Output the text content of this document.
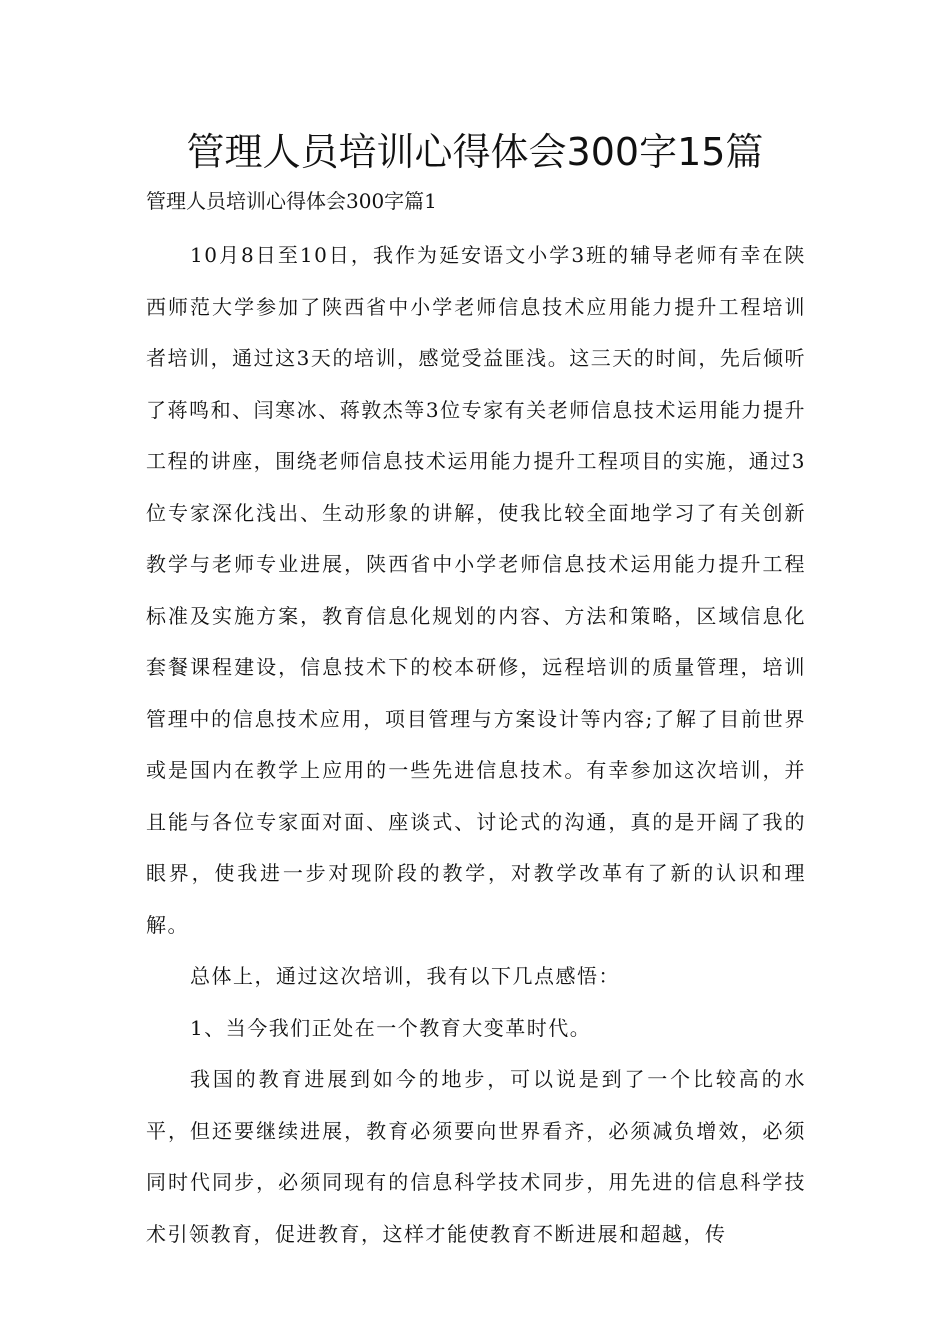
管理人员培训心得体会300字15篇
管理人员培训心得体会300字篇1

10月8日至10日，我作为延安语文小学3班的辅导老师有幸在陕西师范大学参加了陕西省中小学老师信息技术应用能力提升工程培训者培训，通过这3天的培训，感觉受益匪浅。这三天的时间，先后倾听了蒋鸣和、闫寒冰、蒋敦杰等3位专家有关老师信息技术运用能力提升工程的讲座，围绕老师信息技术运用能力提升工程项目的实施，通过3位专家深化浅出、生动形象的讲解，使我比较全面地学习了有关创新教学与老师专业进展，陕西省中小学老师信息技术运用能力提升工程标准及实施方案，教育信息化规划的内容、方法和策略，区域信息化套餐课程建设，信息技术下的校本研修，远程培训的质量管理，培训管理中的信息技术应用，项目管理与方案设计等内容;了解了目前世界或是国内在教学上应用的一些先进信息技术。有幸参加这次培训，并且能与各位专家面对面、座谈式、讨论式的沟通，真的是开阔了我的眼界，使我进一步对现阶段的教学，对教学改革有了新的认识和理解。

总体上，通过这次培训，我有以下几点感悟：

1、当今我们正处在一个教育大变革时代。

我国的教育进展到如今的地步，可以说是到了一个比较高的水平，但还要继续进展，教育必须要向世界看齐，必须减负增效，必须同时代同步，必须同现有的信息科学技术同步，用先进的信息科学技术引领教育，促进教育，这样才能使教育不断进展和超越，传
